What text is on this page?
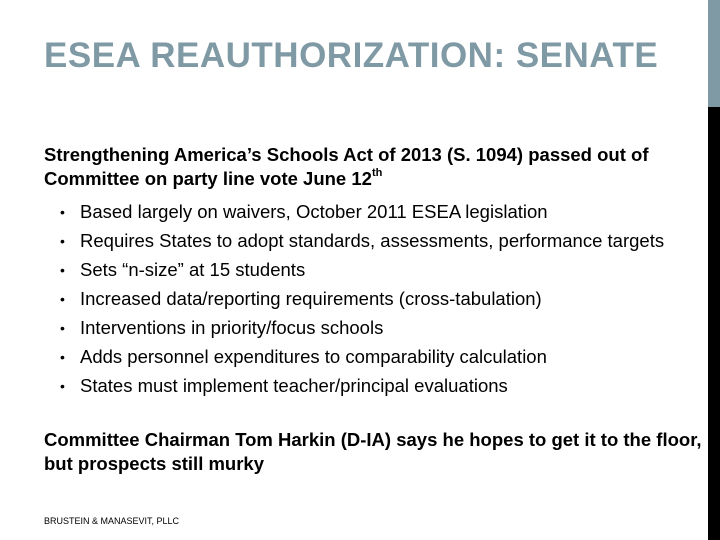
ESEA REAUTHORIZATION: SENATE
Strengthening America’s Schools Act of 2013 (S. 1094) passed out of Committee on party line vote June 12th
• Based largely on waivers, October 2011 ESEA legislation
• Requires States to adopt standards, assessments, performance targets
• Sets “n-size” at 15 students
• Increased data/reporting requirements (cross-tabulation)
• Interventions in priority/focus schools
• Adds personnel expenditures to comparability calculation
• States must implement teacher/principal evaluations
Committee Chairman Tom Harkin (D-IA) says he hopes to get it to the floor, but prospects still murky
BRUSTEIN & MANASEVIT, PLLC
